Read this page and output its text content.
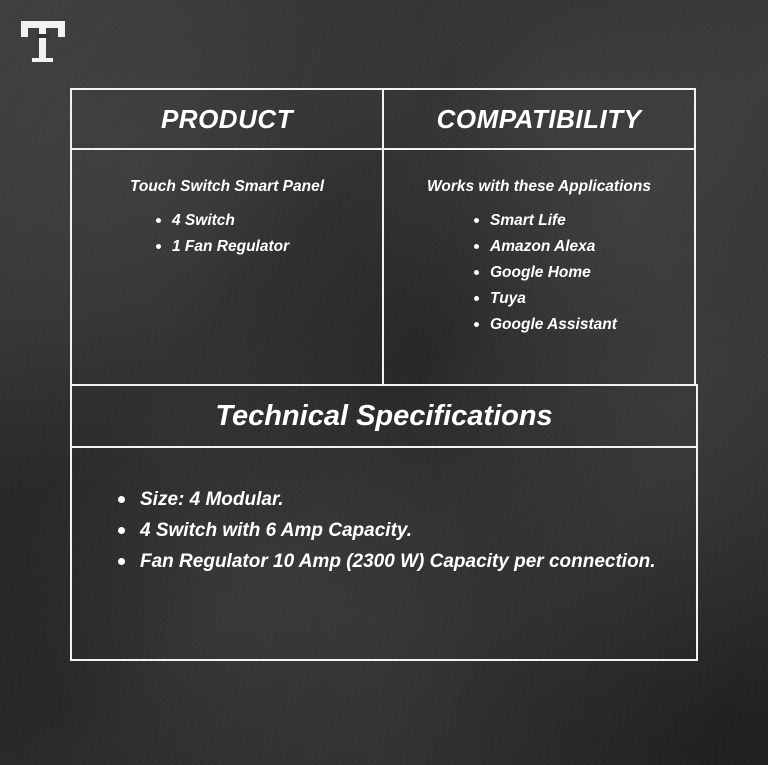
PRODUCT	COMPATIBILITY

Touch Switch Smart Panel

4 Switch
1 Fan Regulator

Works with these Applications

Smart Life
Amazon Alexa
Google Home
Tuya
Google Assistant
Technical Specifications
Size: 4 Modular.
4 Switch with 6 Amp Capacity.
Fan Regulator 10 Amp (2300 W) Capacity per connection.
